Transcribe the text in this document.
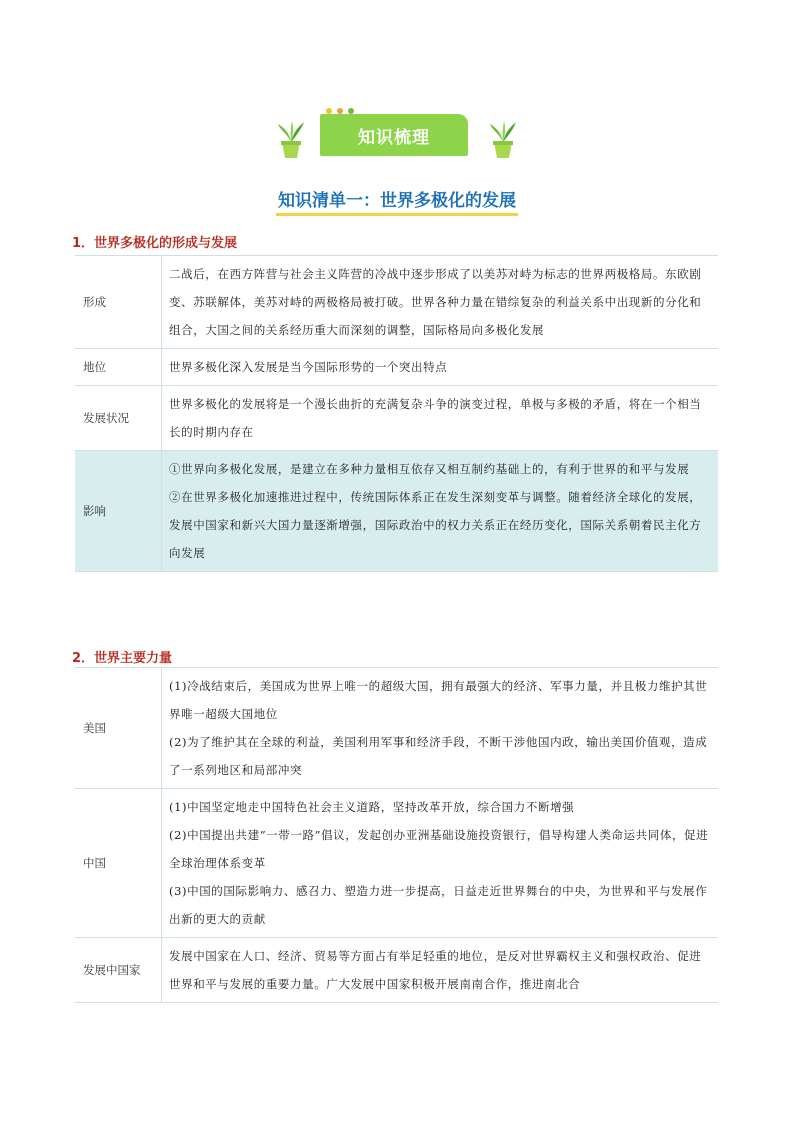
知识梳理
知识清单一：世界多极化的发展
1．世界多极化的形成与发展
形成	二战后，在西方阵营与社会主义阵营的冷战中逐步形成了以美苏对峙为标志的世界两极格局。东欧剧变、苏联解体，美苏对峙的两极格局被打破。世界各种力量在错综复杂的利益关系中出现新的分化和组合，大国之间的关系经历重大而深刻的调整，国际格局向多极化发展

地位	世界多极化深入发展是当今国际形势的一个突出特点

发展状况	世界多极化的发展将是一个漫长曲折的充满复杂斗争的演变过程，单极与多极的矛盾，将在一个相当长的时期内存在

影响	①世界向多极化发展，是建立在多种力量相互依存又相互制约基础上的，有利于世界的和平与发展
②在世界多极化加速推进过程中，传统国际体系正在发生深刻变革与调整。随着经济全球化的发展，发展中国家和新兴大国力量逐渐增强，国际政治中的权力关系正在经历变化，国际关系朝着民主化方向发展
2．世界主要力量
美国	(1)冷战结束后，美国成为世界上唯一的超级大国，拥有最强大的经济、军事力量，并且极力维护其世界唯一超级大国地位
(2)为了维护其在全球的利益，美国利用军事和经济手段，不断干涉他国内政，输出美国价值观，造成了一系列地区和局部冲突

中国	(1)中国坚定地走中国特色社会主义道路，坚持改革开放，综合国力不断增强
(2)中国提出共建“一带一路”倡议，发起创办亚洲基础设施投资银行，倡导构建人类命运共同体，促进全球治理体系变革
(3)中国的国际影响力、感召力、塑造力进一步提高，日益走近世界舞台的中央，为世界和平与发展作出新的更大的贡献

发展中国家	发展中国家在人口、经济、贸易等方面占有举足轻重的地位，是反对世界霸权主义和强权政治、促进世界和平与发展的重要力量。广大发展中国家积极开展南南合作，推进南北合
